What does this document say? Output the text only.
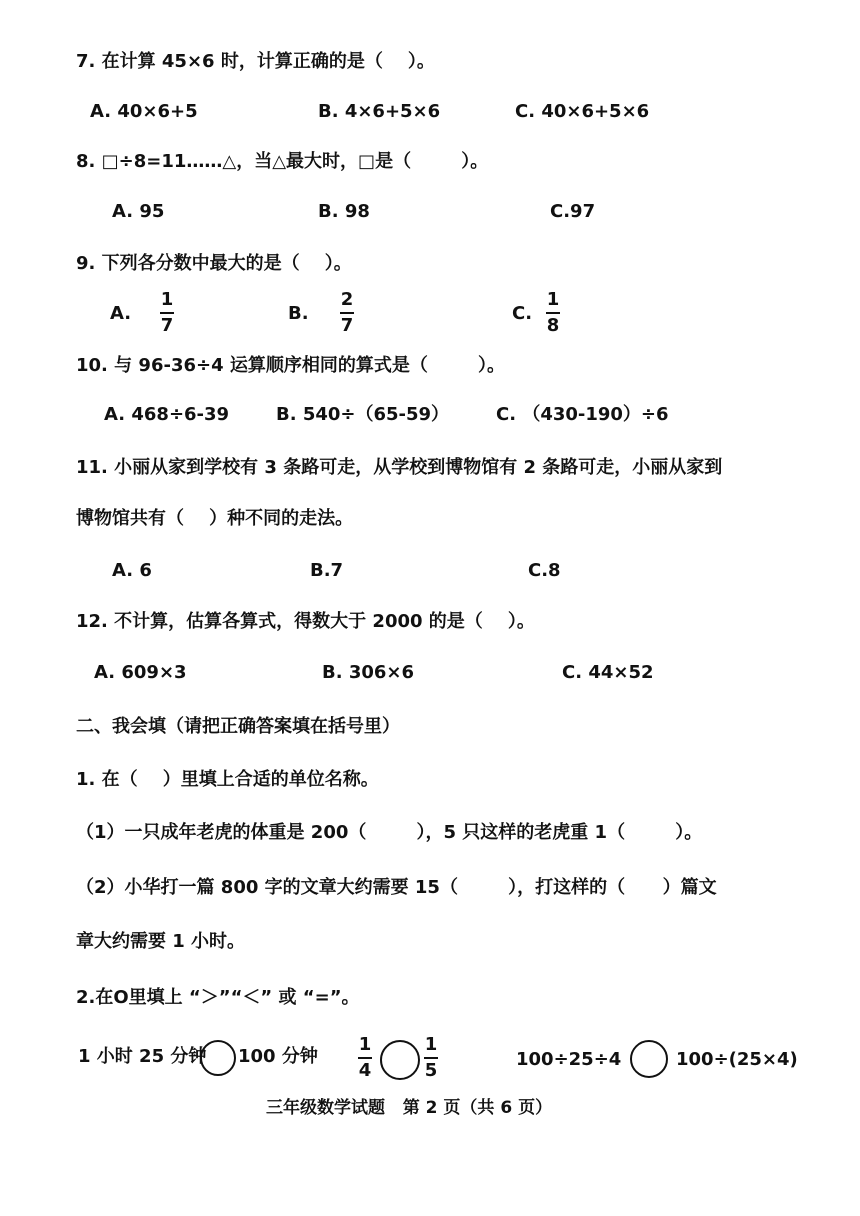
7. 在计算 45×6 时，计算正确的是（    ）。
A. 40×6+5	B. 4×6+5×6	C. 40×6+5×6
8. □÷8=11……△，当△最大时，□是（        ）。
A. 95	B. 98	C.97
9. 下列各分数中最大的是（    ）。
A.
1
7
B.
2
7
C.
1
8
10. 与 96-36÷4 运算顺序相同的算式是（        ）。
A. 468÷6-39	B. 540÷（65-59）	C. （430-190）÷6
11. 小丽从家到学校有 3 条路可走，从学校到博物馆有 2 条路可走，小丽从家到
博物馆共有（    ）种不同的走法。
A. 6	B.7	C.8
12. 不计算，估算各算式，得数大于 2000 的是（    ）。
A. 609×3	B. 306×6	C. 44×52
二、我会填（请把正确答案填在括号里）
1. 在（    ）里填上合适的单位名称。
（1）一只成年老虎的体重是 200（        ），5 只这样的老虎重 1（        ）。
（2）小华打一篇 800 字的文章大约需要 15（        ），打这样的（      ）篇文
章大约需要 1 小时。
2.在O里填上 “＞”“＜” 或 “=”。
1 小时 25 分钟 100 分钟
1
4
1
5
100÷25÷4	100÷(25×4)
三年级数学试题   第 2 页（共 6 页）
